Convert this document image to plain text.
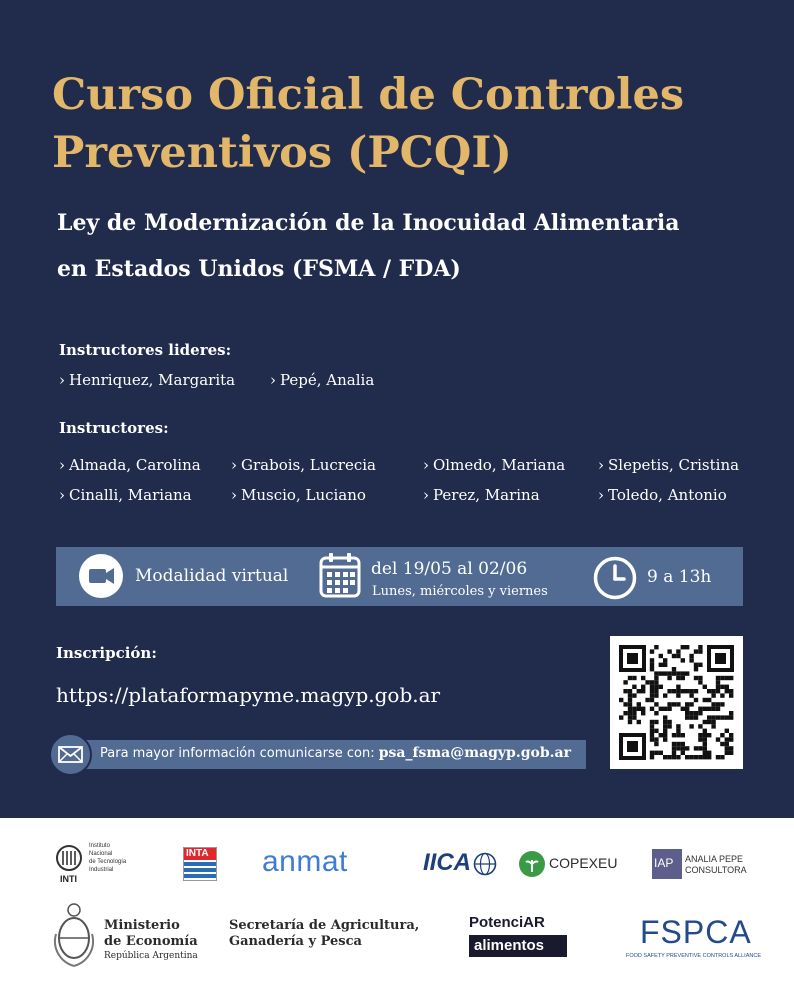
Curso Oficial de Controles
Preventivos (PCQI)
Ley de Modernización de la Inocuidad Alimentaria
en Estados Unidos (FSMA / FDA)
Instructores lideres:
› Henriquez, Margarita › Pepé, Analia
Instructores:
› Almada, Carolina › Grabois, Lucrecia	› Olmedo, Mariana › Slepetis, Cristina
› Cinalli, Mariana	› Muscio, Luciano	› Perez, Marina	› Toledo, Antonio
Modalidad virtual	del 19/05 al 02/06
Lunes, miércoles y viernes
9 a 13h
Inscripción:
https://plataformapyme.magyp.gob.ar
Para mayor información comunicarse con: psa_fsma@magyp.gob.ar
Instituto
Nacional
de Tecnología
Industrial
INTI
INTA anmat	IICA	COPEXEU	IAP ANALIA PEPE
CONSULTORA
Ministerio
de Economía
República Argentina
Secretaría de Agricultura,
Ganadería y Pesca
PotenciAR
alimentos	FSPCA
FOOD SAFETY PREVENTIVE CONTROLS ALLIANCE
